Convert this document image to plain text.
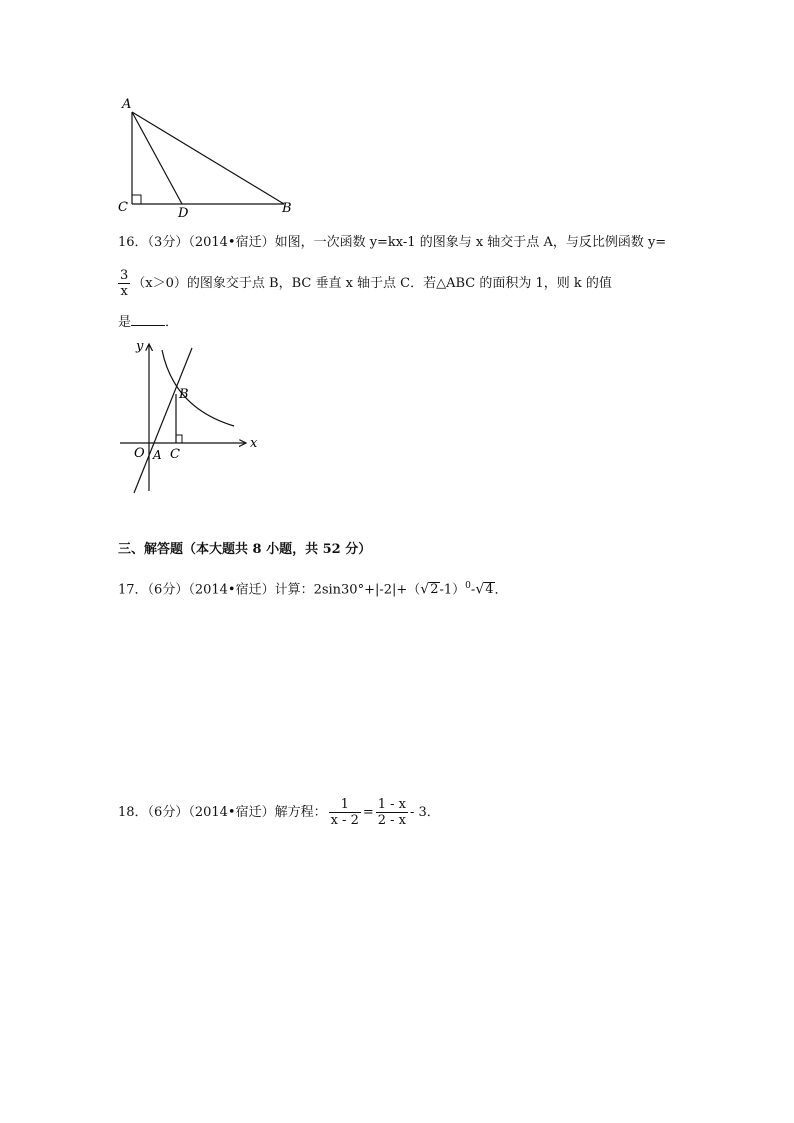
A
C	D	B
16．（3分）（2014•宿迁）如图，一次函数 y=kx-1 的图象与 x 轴交于点 A，与反比例函数 y=
$\frac{3}{x} (x>0)$的图象交于点 B，BC 垂直 x 轴于点 C．若△ABC 的面积为 1，则 k 的值
是	．
y
x
O A
B
C
三、解答题（本大题共 8 小题，共 52 分）
17．（6分）（2014•宿迁）计算：$2\sin 30^\circ+|-2|+(√2-1)^0-√4$．
18．（6分）（2014•宿迁）解方程： $\frac{1}{x - 2} = \frac{1 - x}{2 - x} - 3$．
